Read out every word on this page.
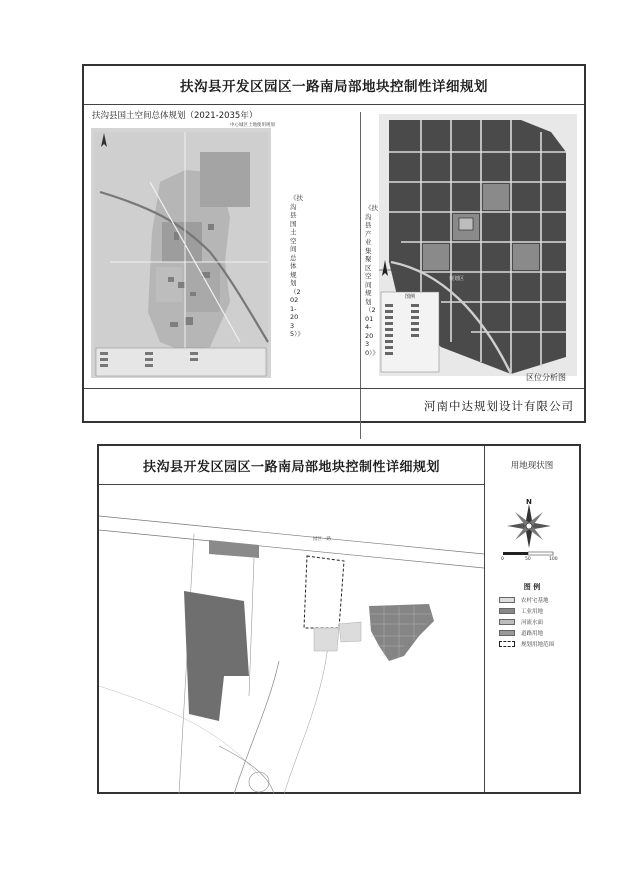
扶沟县开发区园区一路南局部地块控制性详细规划
扶沟县国土空间总体规划（2021-2035年）
中心城区土地使用规划
《扶沟县国土空间总体规划（2021-2035）》
《扶沟县产业集聚区空间规划（2014-2030）》
图例
规划区
区位分析图
河南中达规划设计有限公司
扶沟县开发区园区一路南局部地块控制性详细规划
园区一路
用地现状图
N
0	50	100
图 例
农村宅基地
工业用地
河流水面
道路用地
规划用地范围
